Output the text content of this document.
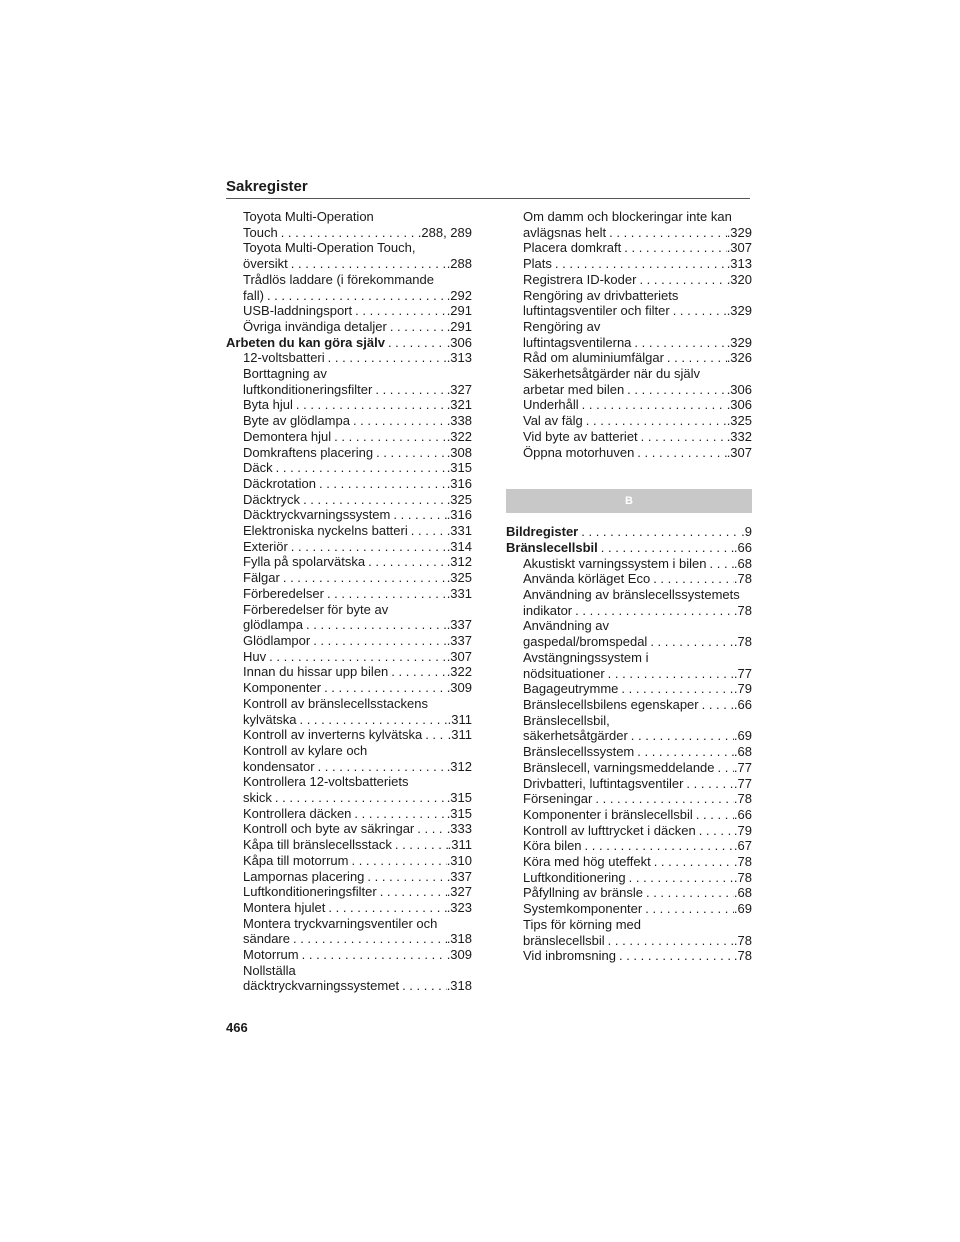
Sakregister
Toyota Multi-Operation
Touch . . .	.288, 289
Toyota Multi-Operation Touch,
översikt . . .	.288
Trådlös laddare (i förekommande
fall) . . .	.292
USB-laddningsport . . .	.291
Övriga invändiga detaljer . . .	.291
Arbeten du kan göra själv . . .	.306
12-voltsbatteri . . .	.313
Borttagning av
luftkonditioneringsfilter . . .	.327
Byta hjul . . .	.321
Byte av glödlampa . . .	.338
Demontera hjul . . .	.322
Domkraftens placering . . .	.308
Däck . . .	.315
Däckrotation . . .	.316
Däcktryck . . .	.325
Däcktryckvarningssystem . . .	.316
Elektroniska nyckelns batteri . . .	.331
Exteriör . . .	.314
Fylla på spolarvätska . . .	.312
Fälgar . . .	.325
Förberedelser . . .	.331
Förberedelser för byte av
glödlampa . . .	.337
Glödlampor . . .	.337
Huv . . .	.307
Innan du hissar upp bilen . . .	.322
Komponenter . . .	.309
Kontroll av bränslecellsstackens
kylvätska . . .	.311
Kontroll av inverterns kylvätska . . . .311
Kontroll av kylare och
kondensator . . .	.312
Kontrollera 12-voltsbatteriets
skick . . .	.315
Kontrollera däcken . . .	.315
Kontroll och byte av säkringar . . . .333
Kåpa till bränslecellsstack . . .	.311
Kåpa till motorrum . . .	.310
Lampornas placering . . .	.337
Luftkonditioneringsfilter . . .	.327
Montera hjulet . . .	.323
Montera tryckvarningsventiler och
sändare . . .	.318
Motorrum . . .	.309
Nollställa
däcktryckvarningssystemet . . .	.318
Om damm och blockeringar inte kan
avlägsnas helt . . .	.329
Placera domkraft . . .	.307
Plats . . .	.313
Registrera ID-koder . . .	.320
Rengöring av drivbatteriets
luftintagsventiler och filter . . .	.329
Rengöring av
luftintagsventilerna . . .	.329
Råd om aluminiumfälgar . . .	.326
Säkerhetsåtgärder när du själv
arbetar med bilen . . .	.306
Underhåll . . .	.306
Val av fälg . . .	.325
Vid byte av batteriet . . .	.332
Öppna motorhuven . . .	.307
B
Bildregister . . .	.9
Bränslecellsbil . . .	.66
Akustiskt varningssystem i bilen . . . .68
Använda körläget Eco . . .	.78
Användning av bränslecellssystemets
indikator . . .	.78
Användning av
gaspedal/bromspedal . . .	.78
Avstängningssystem i
nödsituationer . . .	.77
Bagageutrymme . . .	.79
Bränslecellsbilens egenskaper . . .	.66
Bränslecellsbil,
säkerhetsåtgärder . . .	.69
Bränslecellssystem . . .	.68
Bränslecell, varningsmeddelande . . . .77
Drivbatteri, luftintagsventiler . . .	.77
Förseningar . . .	.78
Komponenter i bränslecellsbil . . .	.66
Kontroll av lufttrycket i däcken . . .	.79
Köra bilen . . .	.67
Köra med hög uteffekt . . .	.78
Luftkonditionering . . .	.78
Påfyllning av bränsle . . .	.68
Systemkomponenter . . .	.69
Tips för körning med
bränslecellsbil . . .	.78
Vid inbromsning . . .	.78
466
